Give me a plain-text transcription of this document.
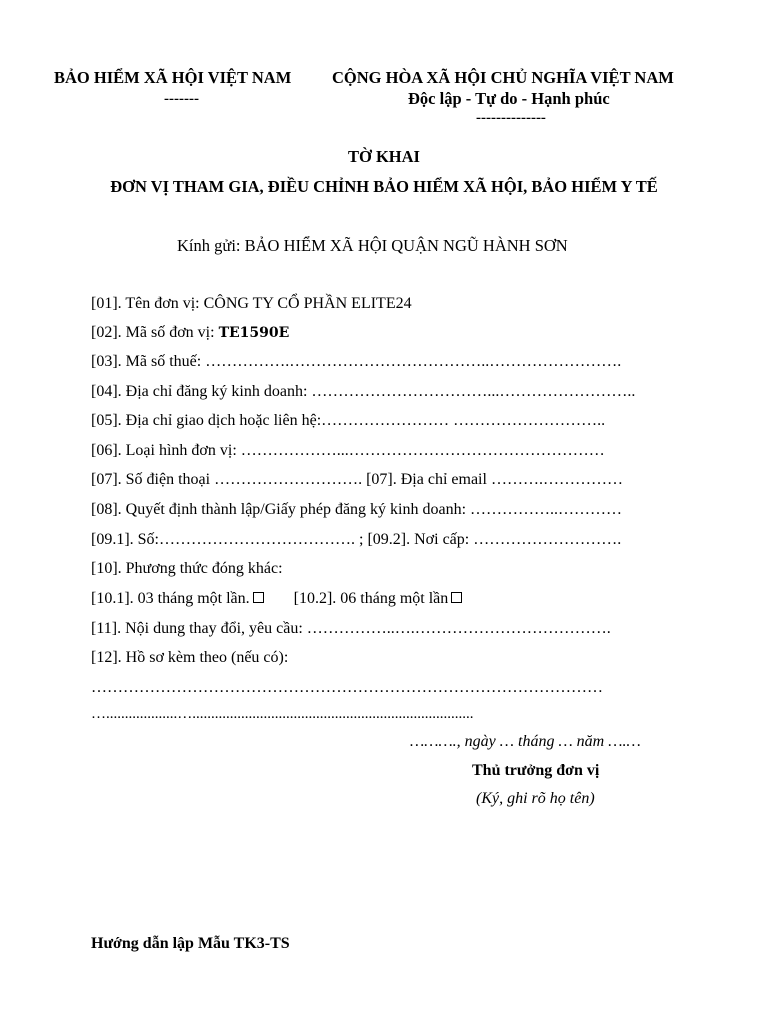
BẢO HIỂM XÃ HỘI VIỆT NAM CỘNG HÒA XÃ HỘI CHỦ NGHĨA VIỆT NAM
-------	Độc lập - Tự do - Hạnh phúc
--------------
TỜ KHAI
ĐƠN VỊ THAM GIA, ĐIỀU CHỈNH BẢO HIỂM XÃ HỘI, BẢO HIỂM Y TẾ
Kính gửi: BẢO HIỂM XÃ HỘI QUẬN NGŨ HÀNH SƠN
[01]. Tên đơn vị: CÔNG TY CỔ PHẦN ELITE24
[02]. Mã số đơn vị: TE1590E
[03]. Mã số thuế: …………….………………………………..…………………….
[04]. Địa chỉ đăng ký kinh doanh: ……………………………...……………………..
[05]. Địa chỉ giao dịch hoặc liên hệ:…………………… ………………………..
[06]. Loại hình đơn vị: ………………...…………………………………………
[07]. Số điện thoại ………………………. [07]. Địa chỉ email ……….……………
[08]. Quyết định thành lập/Giấy phép đăng ký kinh doanh: ……………..…………
[09.1]. Số:………………………………. ; [09.2]. Nơi cấp: ……………………….
[10]. Phương thức đóng khác:
[10.1]. 03 tháng một lần.	[10.2]. 06 tháng một lần
[11]. Nội dung thay đổi, yêu cầu: ……………..….……………………………….
[12]. Hồ sơ kèm theo (nếu có):
……………………………………………………………………………………
…...................…...........................................................................
………., ngày … tháng … năm ….…
Thủ trưởng đơn vị
(Ký, ghi rõ họ tên)
Hướng dẫn lập Mẫu TK3-TS
